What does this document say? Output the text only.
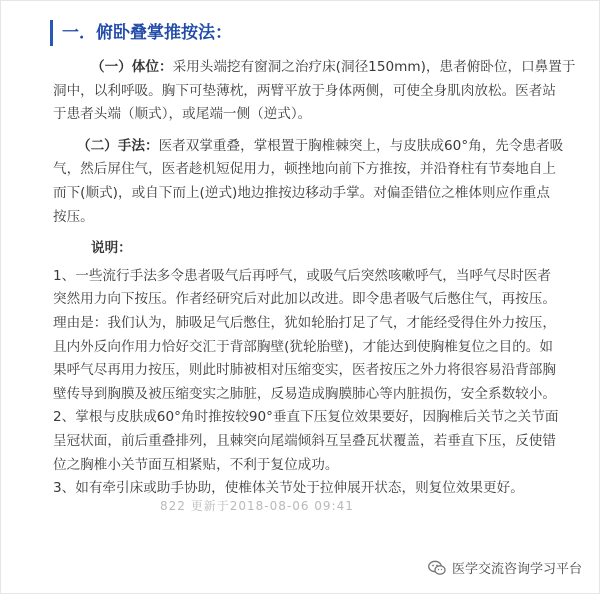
一．俯卧叠掌推按法：

（一）体位：采用头端挖有窗洞之治疗床(洞径150mm)，患者俯卧位，口鼻置于

洞中，以利呼吸。胸下可垫薄枕，两臂平放于身体两侧，可使全身肌肉放松。医者站

于患者头端（顺式），或尾端一侧（逆式）。

（二）手法：医者双掌重叠，掌根置于胸椎棘突上，与皮肤成60°角，先令患者吸

气，然后屏住气，医者趁机短促用力，顿挫地向前下方推按，并沿脊柱有节奏地自上

而下(顺式)，或自下而上(逆式)地边推按边移动手掌。对偏歪错位之椎体则应作重点

按压。

说明：

1、一些流行手法多令患者吸气后再呼气，或吸气后突然咳嗽呼气，当呼气尽时医者

突然用力向下按压。作者经研究后对此加以改进。即令患者吸气后憋住气，再按压。

理由是：我们认为，肺吸足气后憋住，犹如轮胎打足了气，才能经受得住外力按压，

且内外反向作用力恰好交汇于背部胸壁(犹轮胎壁)，才能达到使胸椎复位之目的。如

果呼气尽再用力按压，则此时肺被相对压缩变实，医者按压之外力将很容易沿背部胸

壁传导到胸膜及被压缩变实之肺脏，反易造成胸膜肺心等内脏损伤，安全系数较小。

2、掌根与皮肤成60°角时推按较90°垂直下压复位效果要好，因胸椎后关节之关节面

呈冠状面，前后重叠排列，且棘突向尾端倾斜互呈叠瓦状覆盖，若垂直下压，反使错

位之胸椎小关节面互相紧贴，不利于复位成功。

3、如有牵引床或助手协助，使椎体关节处于拉伸展开状态，则复位效果更好。

822 更新于2018-08-06 09:41
医学交流咨询学习平台
